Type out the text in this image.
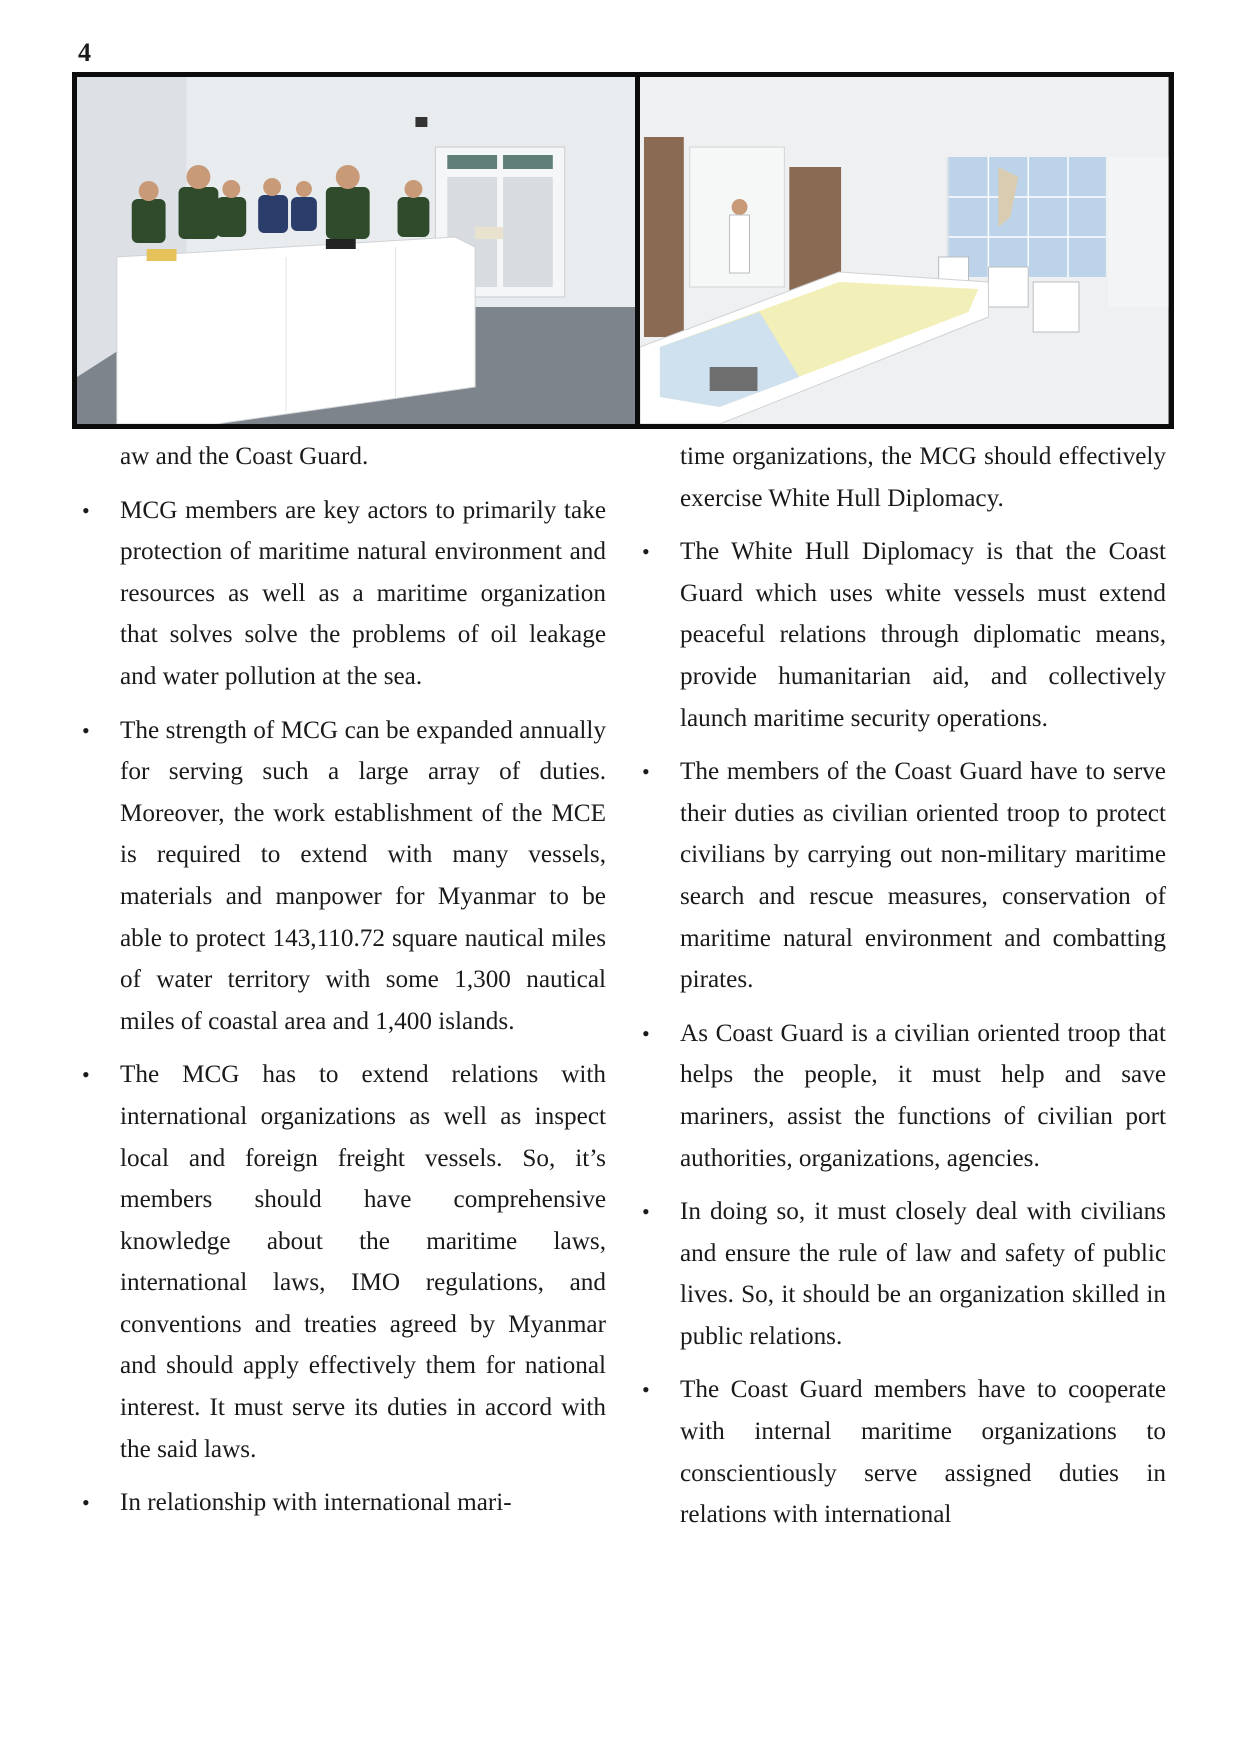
4

aw and the Coast Guard.

• MCG members are key actors to primarily take protection of maritime natural environment and resources as well as a maritime organization that solves solve the problems of oil leakage and water pollution at the sea.
• The strength of MCG can be expanded annually for serving such a large array of duties. Moreover, the work establishment of the MCE is required to extend with many vessels, materials and manpower for Myanmar to be able to protect 143,110.72 square nautical miles of water territory with some 1,300 nautical miles of coastal area and 1,400 islands.
• The MCG has to extend relations with international organizations as well as inspect local and foreign freight vessels. So, it’s members should have comprehensive knowledge about the maritime laws, international laws, IMO regulations, and conventions and treaties agreed by Myanmar and should apply effectively them for national interest. It must serve its duties in accord with the said laws.
• In relationship with international mari-

time organizations, the MCG should effectively exercise White Hull Diplomacy.

• The White Hull Diplomacy is that the Coast Guard which uses white vessels must extend peaceful relations through diplomatic means, provide humanitarian aid, and collectively launch maritime security operations.
• The members of the Coast Guard have to serve their duties as civilian oriented troop to protect civilians by carrying out non-military maritime search and rescue measures, conservation of maritime natural environment and combatting pirates.
• As Coast Guard is a civilian oriented troop that helps the people, it must help and save mariners, assist the functions of civilian port authorities, organizations, agencies.
• In doing so, it must closely deal with civilians and ensure the rule of law and safety of public lives. So, it should be an organization skilled in public relations.
• The Coast Guard members have to cooperate with internal maritime organizations to conscientiously serve assigned duties in relations with international
